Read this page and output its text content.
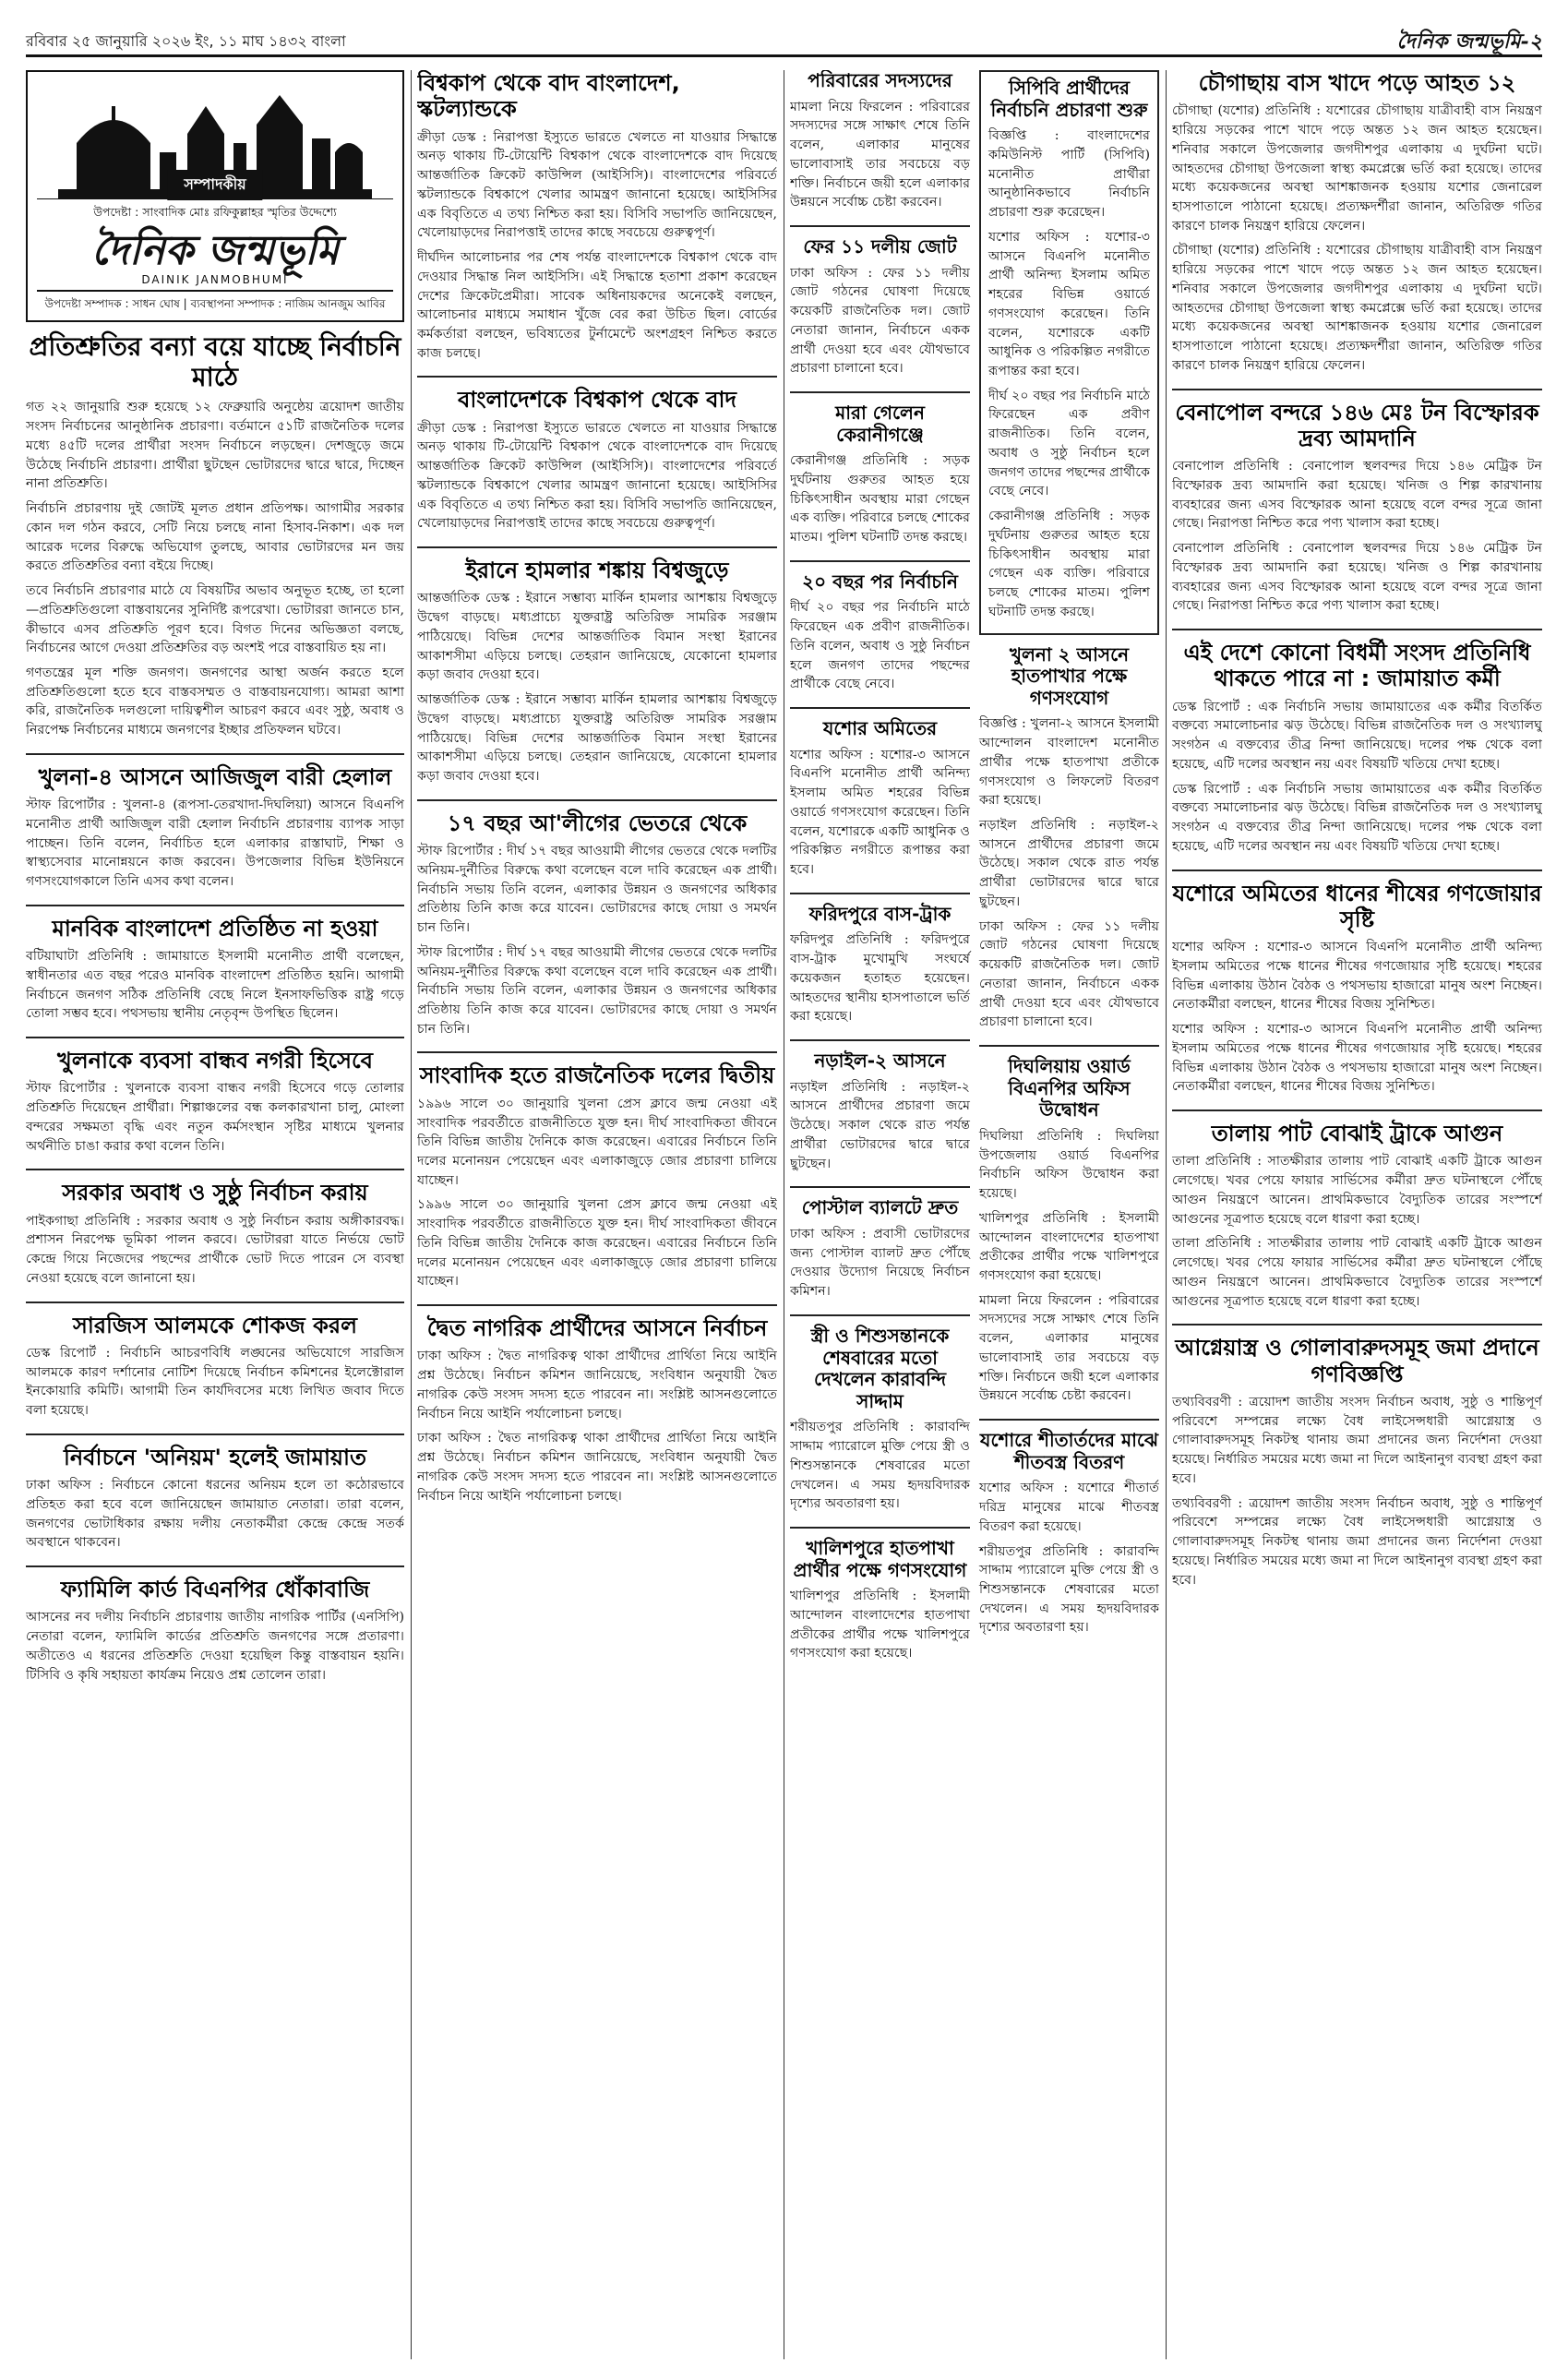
রবিবার ২৫ জানুয়ারি ২০২৬ ইং, ১১ মাঘ ১৪৩২ বাংলা	দৈনিক জন্মভূমি-২
সম্পাদকীয়
উপদেষ্টা : সাংবাদিক মোঃ রফিকুল্লাহর স্মৃতির উদ্দেশ্যে
দৈনিক জন্মভূমি
DAINIK JANMOBHUMI
উপদেষ্টা সম্পাদক : সাধন ঘোষ | ব্যবস্থাপনা সম্পাদক : নাজিম আনজুম আবির
প্রতিশ্রুতির বন্যা বয়ে যাচ্ছে নির্বাচনি মাঠে

গত ২২ জানুয়ারি শুরু হয়েছে ১২ ফেব্রুয়ারি অনুষ্ঠেয় ত্রয়োদশ জাতীয় সংসদ নির্বাচনের আনুষ্ঠানিক প্রচারণা। বর্তমানে ৫১টি রাজনৈতিক দলের মধ্যে ৪৫টি দলের প্রার্থীরা সংসদ নির্বাচনে লড়ছেন। দেশজুড়ে জমে উঠেছে নির্বাচনি প্রচারণা। প্রার্থীরা ছুটছেন ভোটারদের দ্বারে দ্বারে, দিচ্ছেন নানা প্রতিশ্রুতি।

নির্বাচনি প্রচারণায় দুই জোটই মূলত প্রধান প্রতিপক্ষ। আগামীর সরকার কোন দল গঠন করবে, সেটি নিয়ে চলছে নানা হিসাব-নিকাশ। এক দল আরেক দলের বিরুদ্ধে অভিযোগ তুলছে, আবার ভোটারদের মন জয় করতে প্রতিশ্রুতির বন্যা বইয়ে দিচ্ছে।

তবে নির্বাচনি প্রচারণার মাঠে যে বিষয়টির অভাব অনুভূত হচ্ছে, তা হলো—প্রতিশ্রুতিগুলো বাস্তবায়নের সুনির্দিষ্ট রূপরেখা। ভোটাররা জানতে চান, কীভাবে এসব প্রতিশ্রুতি পূরণ হবে। বিগত দিনের অভিজ্ঞতা বলছে, নির্বাচনের আগে দেওয়া প্রতিশ্রুতির বড় অংশই পরে বাস্তবায়িত হয় না।

গণতন্ত্রের মূল শক্তি জনগণ। জনগণের আস্থা অর্জন করতে হলে প্রতিশ্রুতিগুলো হতে হবে বাস্তবসম্মত ও বাস্তবায়নযোগ্য। আমরা আশা করি, রাজনৈতিক দলগুলো দায়িত্বশীল আচরণ করবে এবং সুষ্ঠু, অবাধ ও নিরপেক্ষ নির্বাচনের মাধ্যমে জনগণের ইচ্ছার প্রতিফলন ঘটবে।

খুলনা-৪ আসনে আজিজুল বারী হেলাল

স্টাফ রিপোর্টার : খুলনা-৪ (রূপসা-তেরখাদা-দিঘলিয়া) আসনে বিএনপি মনোনীত প্রার্থী আজিজুল বারী হেলাল নির্বাচনি প্রচারণায় ব্যাপক সাড়া পাচ্ছেন। তিনি বলেন, নির্বাচিত হলে এলাকার রাস্তাঘাট, শিক্ষা ও স্বাস্থ্যসেবার মানোন্নয়নে কাজ করবেন। উপজেলার বিভিন্ন ইউনিয়নে গণসংযোগকালে তিনি এসব কথা বলেন।

মানবিক বাংলাদেশ প্রতিষ্ঠিত না হওয়া

বটিয়াঘাটা প্রতিনিধি : জামায়াতে ইসলামী মনোনীত প্রার্থী বলেছেন, স্বাধীনতার এত বছর পরেও মানবিক বাংলাদেশ প্রতিষ্ঠিত হয়নি। আগামী নির্বাচনে জনগণ সঠিক প্রতিনিধি বেছে নিলে ইনসাফভিত্তিক রাষ্ট্র গড়ে তোলা সম্ভব হবে। পথসভায় স্থানীয় নেতৃবৃন্দ উপস্থিত ছিলেন।

খুলনাকে ব্যবসা বান্ধব নগরী হিসেবে

স্টাফ রিপোর্টার : খুলনাকে ব্যবসা বান্ধব নগরী হিসেবে গড়ে তোলার প্রতিশ্রুতি দিয়েছেন প্রার্থীরা। শিল্পাঞ্চলের বন্ধ কলকারখানা চালু, মোংলা বন্দরের সক্ষমতা বৃদ্ধি এবং নতুন কর্মসংস্থান সৃষ্টির মাধ্যমে খুলনার অর্থনীতি চাঙা করার কথা বলেন তিনি।

সরকার অবাধ ও সুষ্ঠু নির্বাচন করায়

পাইকগাছা প্রতিনিধি : সরকার অবাধ ও সুষ্ঠু নির্বাচন করায় অঙ্গীকারবদ্ধ। প্রশাসন নিরপেক্ষ ভূমিকা পালন করবে। ভোটাররা যাতে নির্ভয়ে ভোট কেন্দ্রে গিয়ে নিজেদের পছন্দের প্রার্থীকে ভোট দিতে পারেন সে ব্যবস্থা নেওয়া হয়েছে বলে জানানো হয়।

সারজিস আলমকে শোকজ করল

ডেস্ক রিপোর্ট : নির্বাচনি আচরণবিধি লঙ্ঘনের অভিযোগে সারজিস আলমকে কারণ দর্শানোর নোটিশ দিয়েছে নির্বাচন কমিশনের ইলেক্টোরাল ইনকোয়ারি কমিটি। আগামী তিন কার্যদিবসের মধ্যে লিখিত জবাব দিতে বলা হয়েছে।

নির্বাচনে 'অনিয়ম' হলেই জামায়াত

ঢাকা অফিস : নির্বাচনে কোনো ধরনের অনিয়ম হলে তা কঠোরভাবে প্রতিহত করা হবে বলে জানিয়েছেন জামায়াত নেতারা। তারা বলেন, জনগণের ভোটাধিকার রক্ষায় দলীয় নেতাকর্মীরা কেন্দ্রে কেন্দ্রে সতর্ক অবস্থানে থাকবেন।

ফ্যামিলি কার্ড বিএনপির ধোঁকাবাজি

আসনের নব দলীয় নির্বাচনি প্রচারণায় জাতীয় নাগরিক পার্টির (এনসিপি) নেতারা বলেন, ফ্যামিলি কার্ডের প্রতিশ্রুতি জনগণের সঙ্গে প্রতারণা। অতীতেও এ ধরনের প্রতিশ্রুতি দেওয়া হয়েছিল কিন্তু বাস্তবায়ন হয়নি। টিসিবি ও কৃষি সহায়তা কার্যক্রম নিয়েও প্রশ্ন তোলেন তারা।

বিশ্বকাপ থেকে বাদ বাংলাদেশ, স্কটল্যান্ডকে

ক্রীড়া ডেস্ক : নিরাপত্তা ইস্যুতে ভারতে খেলতে না যাওয়ার সিদ্ধান্তে অনড় থাকায় টি-টোয়েন্টি বিশ্বকাপ থেকে বাংলাদেশকে বাদ দিয়েছে আন্তর্জাতিক ক্রিকেট কাউন্সিল (আইসিসি)। বাংলাদেশের পরিবর্তে স্কটল্যান্ডকে বিশ্বকাপে খেলার আমন্ত্রণ জানানো হয়েছে। আইসিসির এক বিবৃতিতে এ তথ্য নিশ্চিত করা হয়। বিসিবি সভাপতি জানিয়েছেন, খেলোয়াড়দের নিরাপত্তাই তাদের কাছে সবচেয়ে গুরুত্বপূর্ণ।

দীর্ঘদিন আলোচনার পর শেষ পর্যন্ত বাংলাদেশকে বিশ্বকাপ থেকে বাদ দেওয়ার সিদ্ধান্ত নিল আইসিসি। এই সিদ্ধান্তে হতাশা প্রকাশ করেছেন দেশের ক্রিকেটপ্রেমীরা। সাবেক অধিনায়কদের অনেকেই বলছেন, আলোচনার মাধ্যমে সমাধান খুঁজে বের করা উচিত ছিল। বোর্ডের কর্মকর্তারা বলছেন, ভবিষ্যতের টুর্নামেন্টে অংশগ্রহণ নিশ্চিত করতে কাজ চলছে।

বাংলাদেশকে বিশ্বকাপ থেকে বাদ

ক্রীড়া ডেস্ক : নিরাপত্তা ইস্যুতে ভারতে খেলতে না যাওয়ার সিদ্ধান্তে অনড় থাকায় টি-টোয়েন্টি বিশ্বকাপ থেকে বাংলাদেশকে বাদ দিয়েছে আন্তর্জাতিক ক্রিকেট কাউন্সিল (আইসিসি)। বাংলাদেশের পরিবর্তে স্কটল্যান্ডকে বিশ্বকাপে খেলার আমন্ত্রণ জানানো হয়েছে। আইসিসির এক বিবৃতিতে এ তথ্য নিশ্চিত করা হয়। বিসিবি সভাপতি জানিয়েছেন, খেলোয়াড়দের নিরাপত্তাই তাদের কাছে সবচেয়ে গুরুত্বপূর্ণ।

ইরানে হামলার শঙ্কায় বিশ্বজুড়ে

আন্তর্জাতিক ডেস্ক : ইরানে সম্ভাব্য মার্কিন হামলার আশঙ্কায় বিশ্বজুড়ে উদ্বেগ বাড়ছে। মধ্যপ্রাচ্যে যুক্তরাষ্ট্র অতিরিক্ত সামরিক সরঞ্জাম পাঠিয়েছে। বিভিন্ন দেশের আন্তর্জাতিক বিমান সংস্থা ইরানের আকাশসীমা এড়িয়ে চলছে। তেহরান জানিয়েছে, যেকোনো হামলার কড়া জবাব দেওয়া হবে।

আন্তর্জাতিক ডেস্ক : ইরানে সম্ভাব্য মার্কিন হামলার আশঙ্কায় বিশ্বজুড়ে উদ্বেগ বাড়ছে। মধ্যপ্রাচ্যে যুক্তরাষ্ট্র অতিরিক্ত সামরিক সরঞ্জাম পাঠিয়েছে। বিভিন্ন দেশের আন্তর্জাতিক বিমান সংস্থা ইরানের আকাশসীমা এড়িয়ে চলছে। তেহরান জানিয়েছে, যেকোনো হামলার কড়া জবাব দেওয়া হবে।

১৭ বছর আ'লীগের ভেতরে থেকে

স্টাফ রিপোর্টার : দীর্ঘ ১৭ বছর আওয়ামী লীগের ভেতরে থেকে দলটির অনিয়ম-দুর্নীতির বিরুদ্ধে কথা বলেছেন বলে দাবি করেছেন এক প্রার্থী। নির্বাচনি সভায় তিনি বলেন, এলাকার উন্নয়ন ও জনগণের অধিকার প্রতিষ্ঠায় তিনি কাজ করে যাবেন। ভোটারদের কাছে দোয়া ও সমর্থন চান তিনি।

স্টাফ রিপোর্টার : দীর্ঘ ১৭ বছর আওয়ামী লীগের ভেতরে থেকে দলটির অনিয়ম-দুর্নীতির বিরুদ্ধে কথা বলেছেন বলে দাবি করেছেন এক প্রার্থী। নির্বাচনি সভায় তিনি বলেন, এলাকার উন্নয়ন ও জনগণের অধিকার প্রতিষ্ঠায় তিনি কাজ করে যাবেন। ভোটারদের কাছে দোয়া ও সমর্থন চান তিনি।

সাংবাদিক হতে রাজনৈতিক দলের দ্বিতীয়

১৯৯৬ সালে ৩০ জানুয়ারি খুলনা প্রেস ক্লাবে জন্ম নেওয়া এই সাংবাদিক পরবর্তীতে রাজনীতিতে যুক্ত হন। দীর্ঘ সাংবাদিকতা জীবনে তিনি বিভিন্ন জাতীয় দৈনিকে কাজ করেছেন। এবারের নির্বাচনে তিনি দলের মনোনয়ন পেয়েছেন এবং এলাকাজুড়ে জোর প্রচারণা চালিয়ে যাচ্ছেন।

১৯৯৬ সালে ৩০ জানুয়ারি খুলনা প্রেস ক্লাবে জন্ম নেওয়া এই সাংবাদিক পরবর্তীতে রাজনীতিতে যুক্ত হন। দীর্ঘ সাংবাদিকতা জীবনে তিনি বিভিন্ন জাতীয় দৈনিকে কাজ করেছেন। এবারের নির্বাচনে তিনি দলের মনোনয়ন পেয়েছেন এবং এলাকাজুড়ে জোর প্রচারণা চালিয়ে যাচ্ছেন।

দ্বৈত নাগরিক প্রার্থীদের আসনে নির্বাচন

ঢাকা অফিস : দ্বৈত নাগরিকত্ব থাকা প্রার্থীদের প্রার্থিতা নিয়ে আইনি প্রশ্ন উঠেছে। নির্বাচন কমিশন জানিয়েছে, সংবিধান অনুযায়ী দ্বৈত নাগরিক কেউ সংসদ সদস্য হতে পারবেন না। সংশ্লিষ্ট আসনগুলোতে নির্বাচন নিয়ে আইনি পর্যালোচনা চলছে।

ঢাকা অফিস : দ্বৈত নাগরিকত্ব থাকা প্রার্থীদের প্রার্থিতা নিয়ে আইনি প্রশ্ন উঠেছে। নির্বাচন কমিশন জানিয়েছে, সংবিধান অনুযায়ী দ্বৈত নাগরিক কেউ সংসদ সদস্য হতে পারবেন না। সংশ্লিষ্ট আসনগুলোতে নির্বাচন নিয়ে আইনি পর্যালোচনা চলছে।

পরিবারের সদস্যদের

মামলা নিয়ে ফিরলেন : পরিবারের সদস্যদের সঙ্গে সাক্ষাৎ শেষে তিনি বলেন, এলাকার মানুষের ভালোবাসাই তার সবচেয়ে বড় শক্তি। নির্বাচনে জয়ী হলে এলাকার উন্নয়নে সর্বোচ্চ চেষ্টা করবেন।

ফের ১১ দলীয় জোট

ঢাকা অফিস : ফের ১১ দলীয় জোট গঠনের ঘোষণা দিয়েছে কয়েকটি রাজনৈতিক দল। জোট নেতারা জানান, নির্বাচনে একক প্রার্থী দেওয়া হবে এবং যৌথভাবে প্রচারণা চালানো হবে।

মারা গেলেন কেরানীগঞ্জে

কেরানীগঞ্জ প্রতিনিধি : সড়ক দুর্ঘটনায় গুরুতর আহত হয়ে চিকিৎসাধীন অবস্থায় মারা গেছেন এক ব্যক্তি। পরিবারে চলছে শোকের মাতম। পুলিশ ঘটনাটি তদন্ত করছে।

২০ বছর পর নির্বাচনি

দীর্ঘ ২০ বছর পর নির্বাচনি মাঠে ফিরেছেন এক প্রবীণ রাজনীতিক। তিনি বলেন, অবাধ ও সুষ্ঠু নির্বাচন হলে জনগণ তাদের পছন্দের প্রার্থীকে বেছে নেবে।

যশোর অমিতের

যশোর অফিস : যশোর-৩ আসনে বিএনপি মনোনীত প্রার্থী অনিন্দ্য ইসলাম অমিত শহরের বিভিন্ন ওয়ার্ডে গণসংযোগ করেছেন। তিনি বলেন, যশোরকে একটি আধুনিক ও পরিকল্পিত নগরীতে রূপান্তর করা হবে।

ফরিদপুরে বাস-ট্রাক

ফরিদপুর প্রতিনিধি : ফরিদপুরে বাস-ট্রাক মুখোমুখি সংঘর্ষে কয়েকজন হতাহত হয়েছেন। আহতদের স্থানীয় হাসপাতালে ভর্তি করা হয়েছে।

নড়াইল-২ আসনে

নড়াইল প্রতিনিধি : নড়াইল-২ আসনে প্রার্থীদের প্রচারণা জমে উঠেছে। সকাল থেকে রাত পর্যন্ত প্রার্থীরা ভোটারদের দ্বারে দ্বারে ছুটছেন।

পোস্টাল ব্যালটে দ্রুত

ঢাকা অফিস : প্রবাসী ভোটারদের জন্য পোস্টাল ব্যালট দ্রুত পৌঁছে দেওয়ার উদ্যোগ নিয়েছে নির্বাচন কমিশন।

স্ত্রী ও শিশুসন্তানকে শেষবারের মতো দেখলেন কারাবন্দি সাদ্দাম

শরীয়তপুর প্রতিনিধি : কারাবন্দি সাদ্দাম প্যারোলে মুক্তি পেয়ে স্ত্রী ও শিশুসন্তানকে শেষবারের মতো দেখলেন। এ সময় হৃদয়বিদারক দৃশ্যের অবতারণা হয়।

খালিশপুরে হাতপাখা প্রার্থীর পক্ষে গণসংযোগ

খালিশপুর প্রতিনিধি : ইসলামী আন্দোলন বাংলাদেশের হাতপাখা প্রতীকের প্রার্থীর পক্ষে খালিশপুরে গণসংযোগ করা হয়েছে।

সিপিবি প্রার্থীদের নির্বাচনি প্রচারণা শুরু

বিজ্ঞপ্তি : বাংলাদেশের কমিউনিস্ট পার্টি (সিপিবি) মনোনীত প্রার্থীরা আনুষ্ঠানিকভাবে নির্বাচনি প্রচারণা শুরু করেছেন।

যশোর অফিস : যশোর-৩ আসনে বিএনপি মনোনীত প্রার্থী অনিন্দ্য ইসলাম অমিত শহরের বিভিন্ন ওয়ার্ডে গণসংযোগ করেছেন। তিনি বলেন, যশোরকে একটি আধুনিক ও পরিকল্পিত নগরীতে রূপান্তর করা হবে।

দীর্ঘ ২০ বছর পর নির্বাচনি মাঠে ফিরেছেন এক প্রবীণ রাজনীতিক। তিনি বলেন, অবাধ ও সুষ্ঠু নির্বাচন হলে জনগণ তাদের পছন্দের প্রার্থীকে বেছে নেবে।

কেরানীগঞ্জ প্রতিনিধি : সড়ক দুর্ঘটনায় গুরুতর আহত হয়ে চিকিৎসাধীন অবস্থায় মারা গেছেন এক ব্যক্তি। পরিবারে চলছে শোকের মাতম। পুলিশ ঘটনাটি তদন্ত করছে।

খুলনা ২ আসনে হাতপাখার পক্ষে গণসংযোগ

বিজ্ঞপ্তি : খুলনা-২ আসনে ইসলামী আন্দোলন বাংলাদেশ মনোনীত প্রার্থীর পক্ষে হাতপাখা প্রতীকে গণসংযোগ ও লিফলেট বিতরণ করা হয়েছে।

নড়াইল প্রতিনিধি : নড়াইল-২ আসনে প্রার্থীদের প্রচারণা জমে উঠেছে। সকাল থেকে রাত পর্যন্ত প্রার্থীরা ভোটারদের দ্বারে দ্বারে ছুটছেন।

ঢাকা অফিস : ফের ১১ দলীয় জোট গঠনের ঘোষণা দিয়েছে কয়েকটি রাজনৈতিক দল। জোট নেতারা জানান, নির্বাচনে একক প্রার্থী দেওয়া হবে এবং যৌথভাবে প্রচারণা চালানো হবে।

দিঘলিয়ায় ওয়ার্ড বিএনপির অফিস উদ্বোধন

দিঘলিয়া প্রতিনিধি : দিঘলিয়া উপজেলায় ওয়ার্ড বিএনপির নির্বাচনি অফিস উদ্বোধন করা হয়েছে।

খালিশপুর প্রতিনিধি : ইসলামী আন্দোলন বাংলাদেশের হাতপাখা প্রতীকের প্রার্থীর পক্ষে খালিশপুরে গণসংযোগ করা হয়েছে।

মামলা নিয়ে ফিরলেন : পরিবারের সদস্যদের সঙ্গে সাক্ষাৎ শেষে তিনি বলেন, এলাকার মানুষের ভালোবাসাই তার সবচেয়ে বড় শক্তি। নির্বাচনে জয়ী হলে এলাকার উন্নয়নে সর্বোচ্চ চেষ্টা করবেন।

যশোরে শীতার্তদের মাঝে শীতবস্ত্র বিতরণ

যশোর অফিস : যশোরে শীতার্ত দরিদ্র মানুষের মাঝে শীতবস্ত্র বিতরণ করা হয়েছে।

শরীয়তপুর প্রতিনিধি : কারাবন্দি সাদ্দাম প্যারোলে মুক্তি পেয়ে স্ত্রী ও শিশুসন্তানকে শেষবারের মতো দেখলেন। এ সময় হৃদয়বিদারক দৃশ্যের অবতারণা হয়।

চৌগাছায় বাস খাদে পড়ে আহত ১২

চৌগাছা (যশোর) প্রতিনিধি : যশোরের চৌগাছায় যাত্রীবাহী বাস নিয়ন্ত্রণ হারিয়ে সড়কের পাশে খাদে পড়ে অন্তত ১২ জন আহত হয়েছেন। শনিবার সকালে উপজেলার জগদীশপুর এলাকায় এ দুর্ঘটনা ঘটে। আহতদের চৌগাছা উপজেলা স্বাস্থ্য কমপ্লেক্সে ভর্তি করা হয়েছে। তাদের মধ্যে কয়েকজনের অবস্থা আশঙ্কাজনক হওয়ায় যশোর জেনারেল হাসপাতালে পাঠানো হয়েছে। প্রত্যক্ষদর্শীরা জানান, অতিরিক্ত গতির কারণে চালক নিয়ন্ত্রণ হারিয়ে ফেলেন।

চৌগাছা (যশোর) প্রতিনিধি : যশোরের চৌগাছায় যাত্রীবাহী বাস নিয়ন্ত্রণ হারিয়ে সড়কের পাশে খাদে পড়ে অন্তত ১২ জন আহত হয়েছেন। শনিবার সকালে উপজেলার জগদীশপুর এলাকায় এ দুর্ঘটনা ঘটে। আহতদের চৌগাছা উপজেলা স্বাস্থ্য কমপ্লেক্সে ভর্তি করা হয়েছে। তাদের মধ্যে কয়েকজনের অবস্থা আশঙ্কাজনক হওয়ায় যশোর জেনারেল হাসপাতালে পাঠানো হয়েছে। প্রত্যক্ষদর্শীরা জানান, অতিরিক্ত গতির কারণে চালক নিয়ন্ত্রণ হারিয়ে ফেলেন।

বেনাপোল বন্দরে ১৪৬ মেঃ টন বিস্ফোরক দ্রব্য আমদানি

বেনাপোল প্রতিনিধি : বেনাপোল স্থলবন্দর দিয়ে ১৪৬ মেট্রিক টন বিস্ফোরক দ্রব্য আমদানি করা হয়েছে। খনিজ ও শিল্প কারখানায় ব্যবহারের জন্য এসব বিস্ফোরক আনা হয়েছে বলে বন্দর সূত্রে জানা গেছে। নিরাপত্তা নিশ্চিত করে পণ্য খালাস করা হচ্ছে।

বেনাপোল প্রতিনিধি : বেনাপোল স্থলবন্দর দিয়ে ১৪৬ মেট্রিক টন বিস্ফোরক দ্রব্য আমদানি করা হয়েছে। খনিজ ও শিল্প কারখানায় ব্যবহারের জন্য এসব বিস্ফোরক আনা হয়েছে বলে বন্দর সূত্রে জানা গেছে। নিরাপত্তা নিশ্চিত করে পণ্য খালাস করা হচ্ছে।

এই দেশে কোনো বিধর্মী সংসদ প্রতিনিধি থাকতে পারে না : জামায়াত কর্মী

ডেস্ক রিপোর্ট : এক নির্বাচনি সভায় জামায়াতের এক কর্মীর বিতর্কিত বক্তব্যে সমালোচনার ঝড় উঠেছে। বিভিন্ন রাজনৈতিক দল ও সংখ্যালঘু সংগঠন এ বক্তব্যের তীব্র নিন্দা জানিয়েছে। দলের পক্ষ থেকে বলা হয়েছে, এটি দলের অবস্থান নয় এবং বিষয়টি খতিয়ে দেখা হচ্ছে।

ডেস্ক রিপোর্ট : এক নির্বাচনি সভায় জামায়াতের এক কর্মীর বিতর্কিত বক্তব্যে সমালোচনার ঝড় উঠেছে। বিভিন্ন রাজনৈতিক দল ও সংখ্যালঘু সংগঠন এ বক্তব্যের তীব্র নিন্দা জানিয়েছে। দলের পক্ষ থেকে বলা হয়েছে, এটি দলের অবস্থান নয় এবং বিষয়টি খতিয়ে দেখা হচ্ছে।

যশোরে অমিতের ধানের শীষের গণজোয়ার সৃষ্টি

যশোর অফিস : যশোর-৩ আসনে বিএনপি মনোনীত প্রার্থী অনিন্দ্য ইসলাম অমিতের পক্ষে ধানের শীষের গণজোয়ার সৃষ্টি হয়েছে। শহরের বিভিন্ন এলাকায় উঠান বৈঠক ও পথসভায় হাজারো মানুষ অংশ নিচ্ছেন। নেতাকর্মীরা বলছেন, ধানের শীষের বিজয় সুনিশ্চিত।

যশোর অফিস : যশোর-৩ আসনে বিএনপি মনোনীত প্রার্থী অনিন্দ্য ইসলাম অমিতের পক্ষে ধানের শীষের গণজোয়ার সৃষ্টি হয়েছে। শহরের বিভিন্ন এলাকায় উঠান বৈঠক ও পথসভায় হাজারো মানুষ অংশ নিচ্ছেন। নেতাকর্মীরা বলছেন, ধানের শীষের বিজয় সুনিশ্চিত।

তালায় পাট বোঝাই ট্রাকে আগুন

তালা প্রতিনিধি : সাতক্ষীরার তালায় পাট বোঝাই একটি ট্রাকে আগুন লেগেছে। খবর পেয়ে ফায়ার সার্ভিসের কর্মীরা দ্রুত ঘটনাস্থলে পৌঁছে আগুন নিয়ন্ত্রণে আনেন। প্রাথমিকভাবে বৈদ্যুতিক তারের সংস্পর্শে আগুনের সূত্রপাত হয়েছে বলে ধারণা করা হচ্ছে।

তালা প্রতিনিধি : সাতক্ষীরার তালায় পাট বোঝাই একটি ট্রাকে আগুন লেগেছে। খবর পেয়ে ফায়ার সার্ভিসের কর্মীরা দ্রুত ঘটনাস্থলে পৌঁছে আগুন নিয়ন্ত্রণে আনেন। প্রাথমিকভাবে বৈদ্যুতিক তারের সংস্পর্শে আগুনের সূত্রপাত হয়েছে বলে ধারণা করা হচ্ছে।

আগ্নেয়াস্ত্র ও গোলাবারুদসমূহ জমা প্রদানে গণবিজ্ঞপ্তি

তথ্যবিবরণী : ত্রয়োদশ জাতীয় সংসদ নির্বাচন অবাধ, সুষ্ঠু ও শান্তিপূর্ণ পরিবেশে সম্পন্নের লক্ষ্যে বৈধ লাইসেন্সধারী আগ্নেয়াস্ত্র ও গোলাবারুদসমূহ নিকটস্থ থানায় জমা প্রদানের জন্য নির্দেশনা দেওয়া হয়েছে। নির্ধারিত সময়ের মধ্যে জমা না দিলে আইনানুগ ব্যবস্থা গ্রহণ করা হবে।

তথ্যবিবরণী : ত্রয়োদশ জাতীয় সংসদ নির্বাচন অবাধ, সুষ্ঠু ও শান্তিপূর্ণ পরিবেশে সম্পন্নের লক্ষ্যে বৈধ লাইসেন্সধারী আগ্নেয়াস্ত্র ও গোলাবারুদসমূহ নিকটস্থ থানায় জমা প্রদানের জন্য নির্দেশনা দেওয়া হয়েছে। নির্ধারিত সময়ের মধ্যে জমা না দিলে আইনানুগ ব্যবস্থা গ্রহণ করা হবে।
